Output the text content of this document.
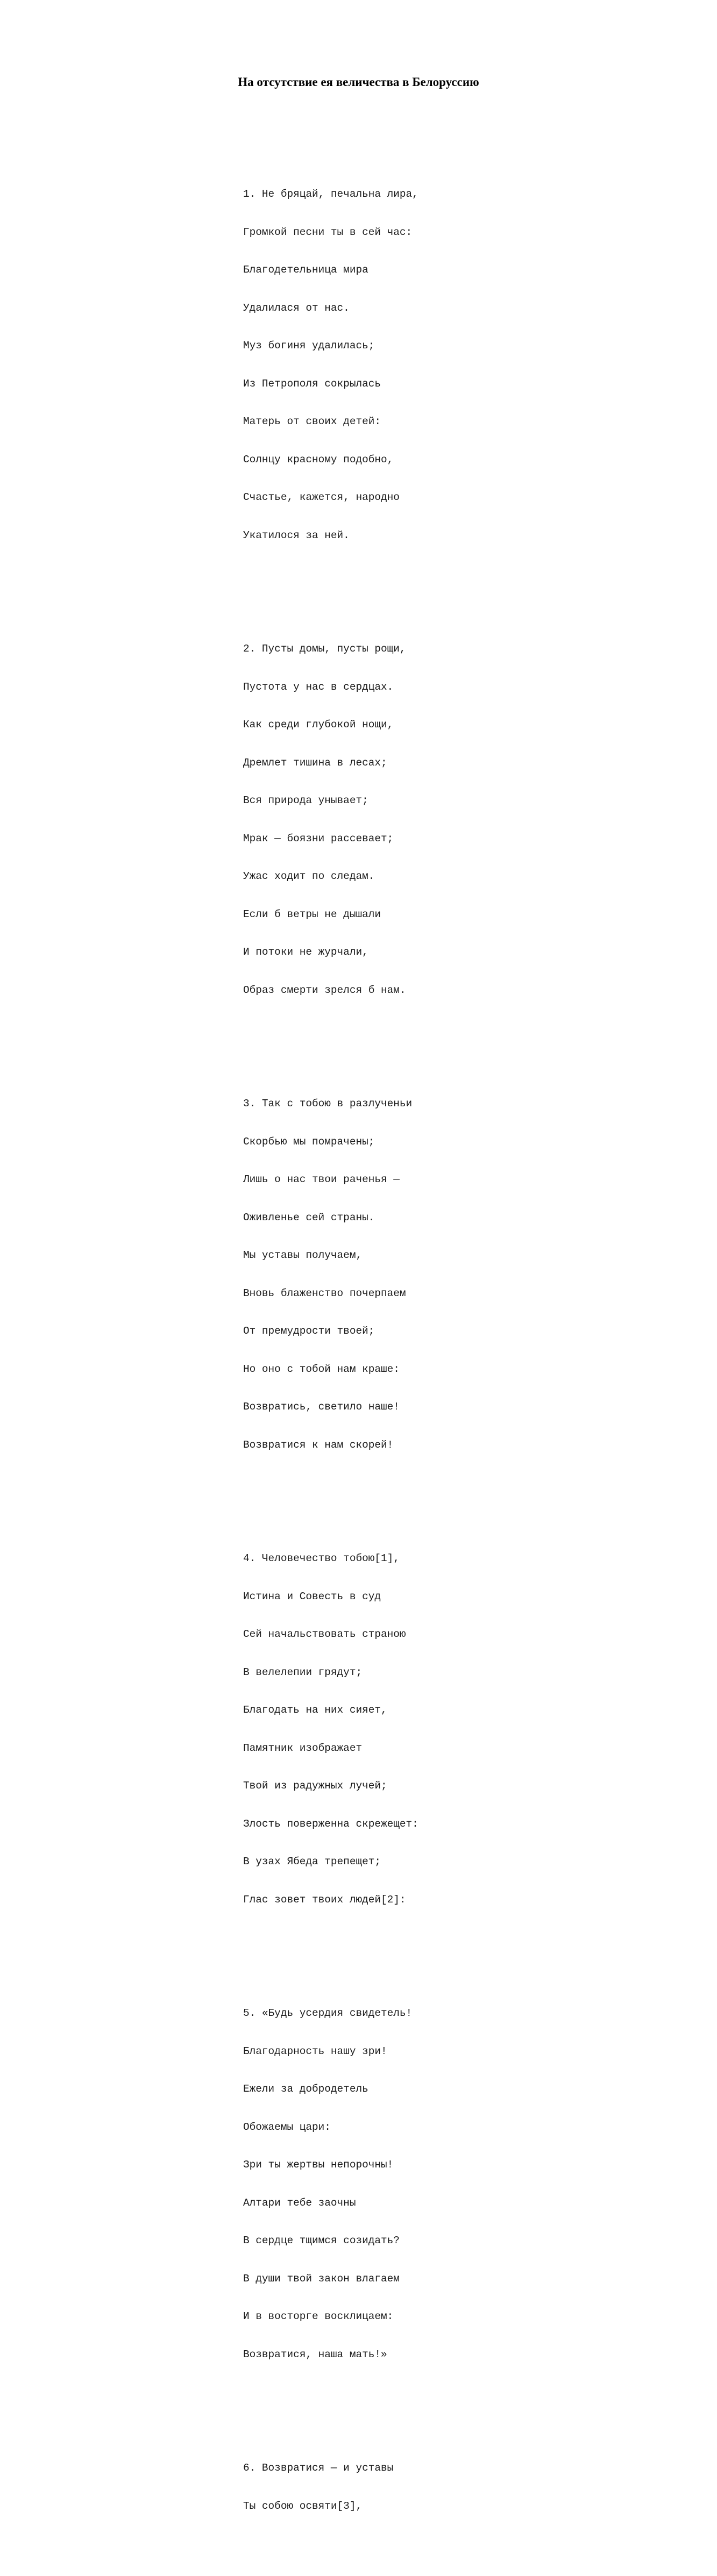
На отсутствие ея величества в Белоруссию

1. Не бряцай, печальна лира,

Громкой песни ты в сей час:

Благодетельница мира

Удалилася от нас.

Муз богиня удалилась;

Из Петрополя сокрылась

Матерь от своих детей:

Солнцу красному подобно,

Счастье, кажется, народно

Укатилося за ней.

2. Пусты домы, пусты рощи,

Пустота у нас в сердцах.

Как среди глубокой нощи,

Дремлет тишина в лесах;

Вся природа унывает;

Мрак — боязни рассевает;

Ужас ходит по следам.

Если б ветры не дышали

И потоки не журчали,

Образ смерти зрелся б нам.

3. Так с тобою в разлученьи

Скорбью мы помрачены;

Лишь о нас твои раченья —

Оживленье сей страны.

Мы уставы получаем,

Вновь блаженство почерпаем

От премудрости твоей;

Но оно с тобой нам краше:

Возвратись, светило наше!

Возвратися к нам скорей!

4. Человечество тобою[1],

Истина и Совесть в суд

Сей начальствовать страною

В велелепии грядут;

Благодать на них сияет,

Памятник изображает

Твой из радужных лучей;

Злость поверженна скрежещет:

В узах Ябеда трепещет;

Глас зовет твоих людей[2]:

5. «Будь усердия свидетель!

Благодарность нашу зри!

Ежели за добродетель

Обожаемы цари:

Зри ты жертвы непорочны!

Алтари тебе заочны

В сердце тщимся созидать?

В души твой закон влагаем

И в восторге восклицаем:

Возвратися, наша мать!»

6. Возвратися — и уставы

Ты собою освяти[3],
